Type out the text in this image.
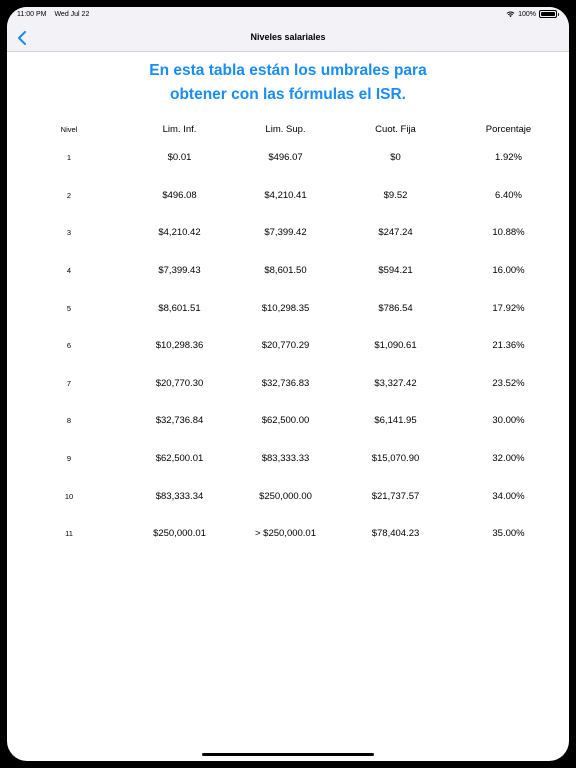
11:00 PM Wed Jul 22	100%
Niveles salariales
En esta tabla están los umbrales para
obtener con las fórmulas el ISR.
Nivel	Lim. Inf.	Lim. Sup.	Cuot. Fija	Porcentaje
1	$0.01	$496.07	$0	1.92%
2	$496.08	$4,210.41	$9.52	6.40%
3	$4,210.42	$7,399.42	$247.24	10.88%
4	$7,399.43	$8,601.50	$594.21	16.00%
5	$8,601.51	$10,298.35	$786.54	17.92%
6	$10,298.36	$20,770.29	$1,090.61	21.36%
7	$20,770.30	$32,736.83	$3,327.42	23.52%
8	$32,736.84	$62,500.00	$6,141.95	30.00%
9	$62,500.01	$83,333.33	$15,070.90	32.00%
10	$83,333.34	$250,000.00	$21,737.57	34.00%
11	$250,000.01	> $250,000.01	$78,404.23	35.00%
